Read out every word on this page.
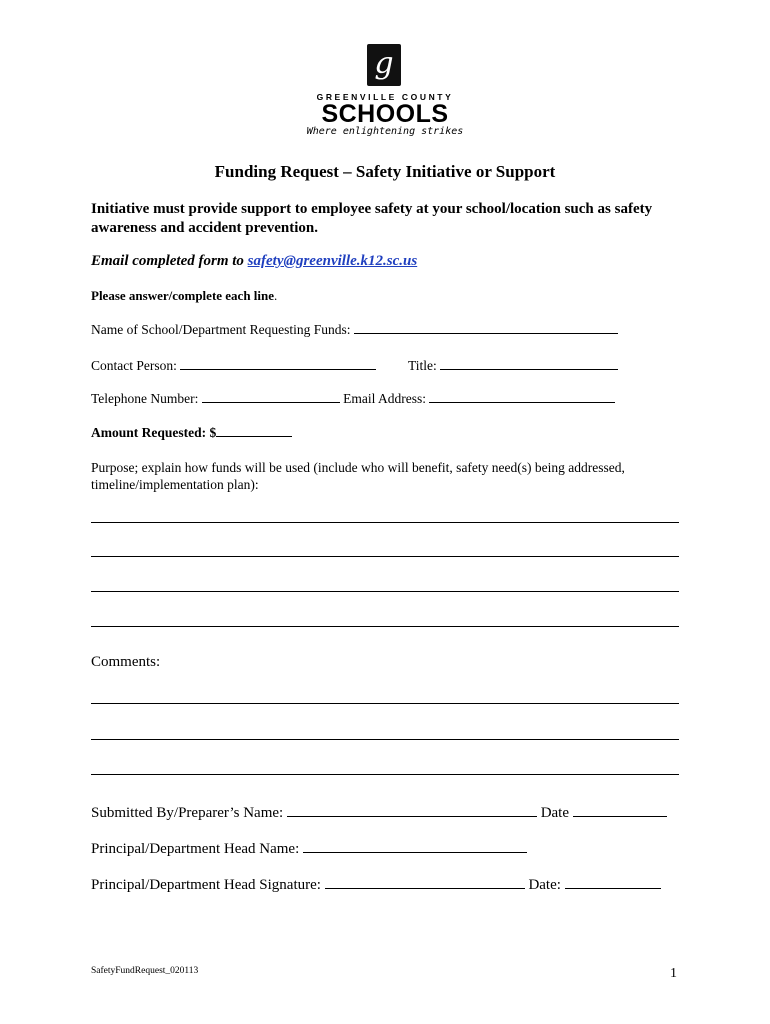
g
GREENVILLE COUNTY
SCHOOLS
Where enlightening strikes
Funding Request – Safety Initiative or Support
Initiative must provide support to employee safety at your school/location such as safety awareness and accident prevention.
Email completed form to safety@greenville.k12.sc.us
Please answer/complete each line.
Name of School/Department Requesting Funds:
Contact Person:	Title:
Telephone Number:	Email Address:
Amount Requested: $
Purpose; explain how funds will be used (include who will benefit, safety need(s) being addressed, timeline/implementation plan):
Comments:
Submitted By/Preparer’s Name:	Date
Principal/Department Head Name:
Principal/Department Head Signature:	Date:
SafetyFundRequest_020113	1
